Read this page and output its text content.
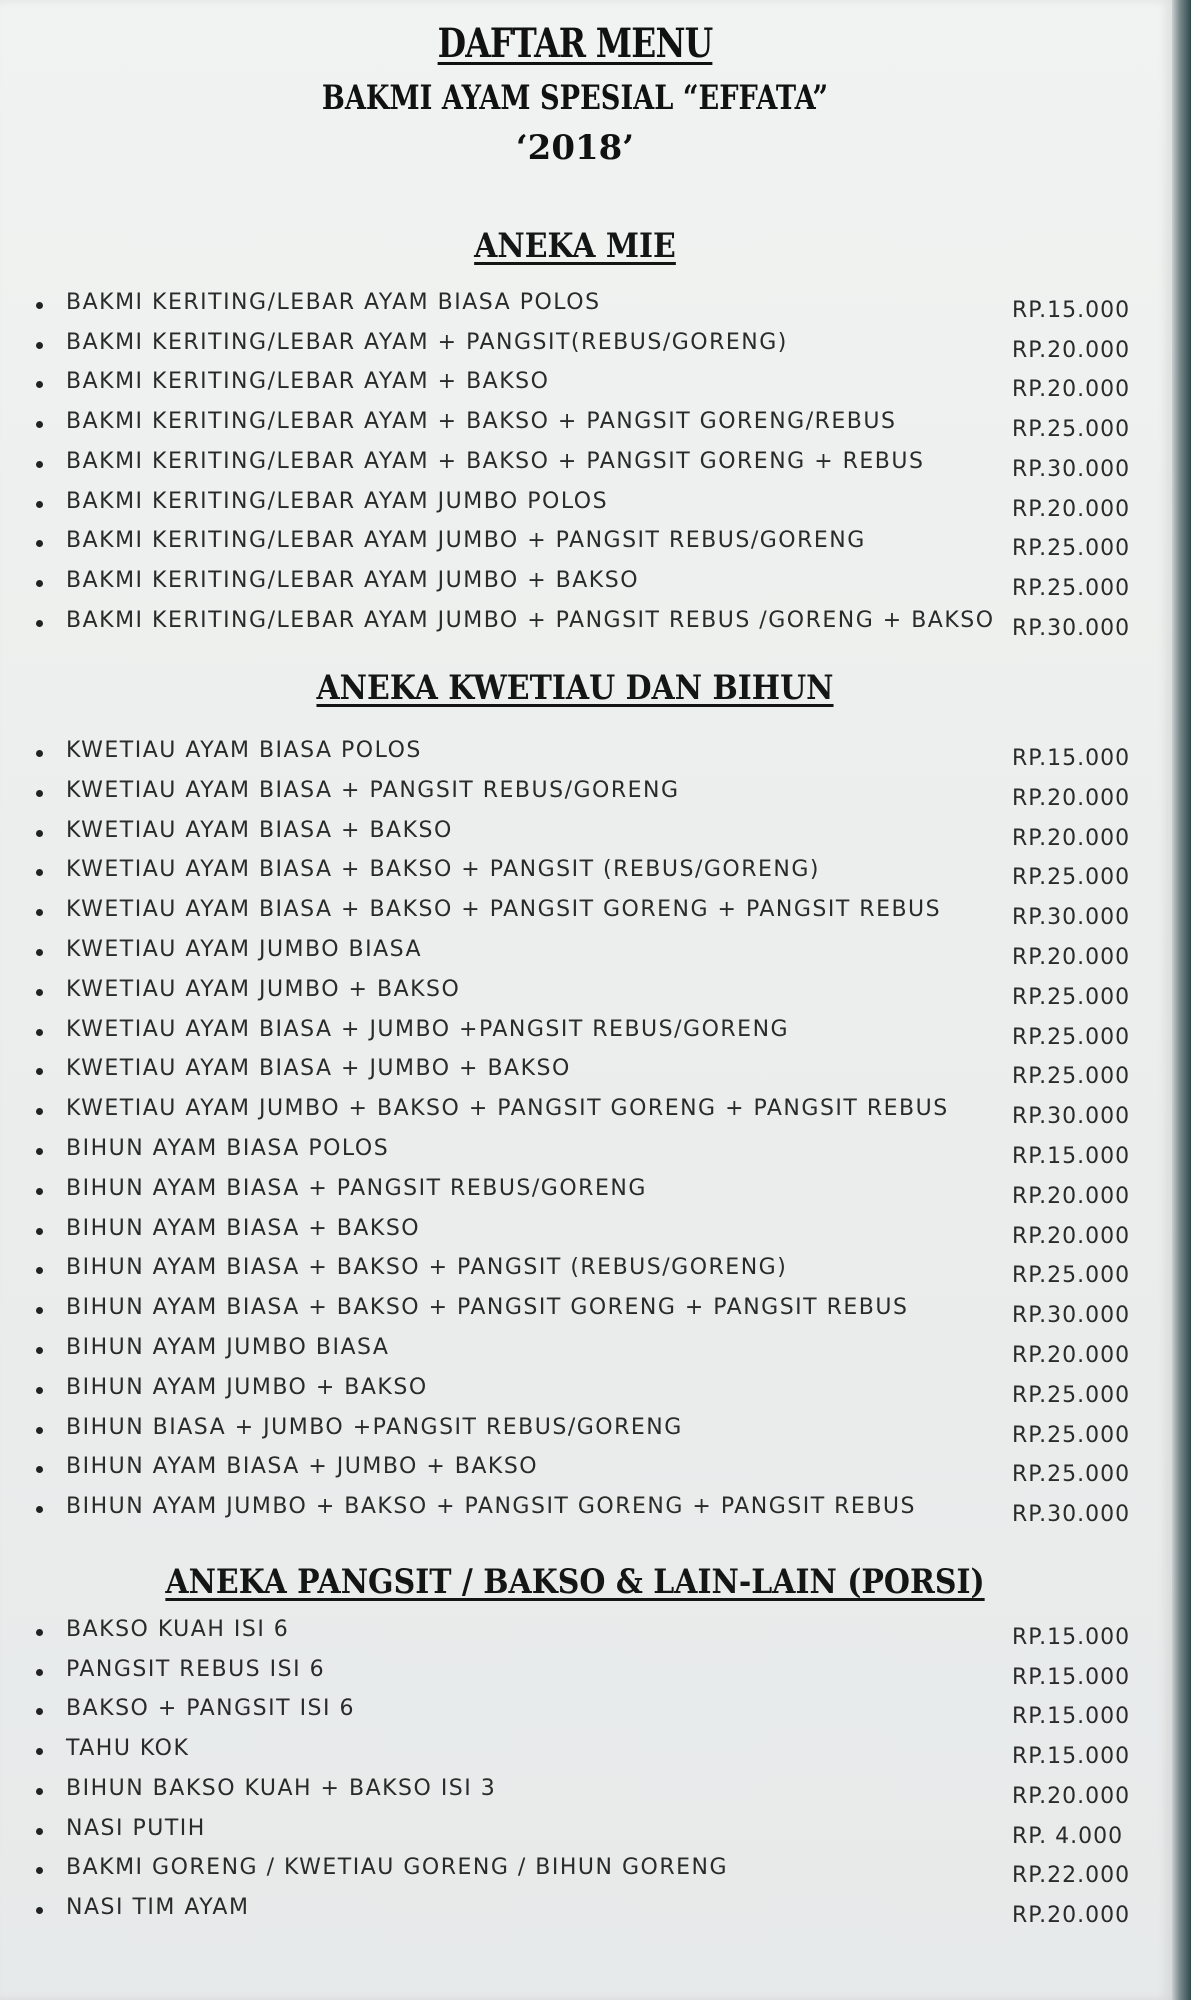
DAFTAR MENU
BAKMI AYAM SPESIAL “EFFATA”
‘2018’
ANEKA MIE
BAKMI KERITING/LEBAR AYAM BIASA POLOS	RP.15.000
BAKMI KERITING/LEBAR AYAM + PANGSIT(REBUS/GORENG)	RP.20.000
BAKMI KERITING/LEBAR AYAM + BAKSO	RP.20.000
BAKMI KERITING/LEBAR AYAM + BAKSO + PANGSIT GORENG/REBUS	RP.25.000
BAKMI KERITING/LEBAR AYAM + BAKSO + PANGSIT GORENG + REBUS	RP.30.000
BAKMI KERITING/LEBAR AYAM JUMBO POLOS	RP.20.000
BAKMI KERITING/LEBAR AYAM JUMBO + PANGSIT REBUS/GORENG	RP.25.000
BAKMI KERITING/LEBAR AYAM JUMBO + BAKSO	RP.25.000
BAKMI KERITING/LEBAR AYAM JUMBO + PANGSIT REBUS /GORENG + BAKSO RP.30.000
ANEKA KWETIAU DAN BIHUN
KWETIAU AYAM BIASA POLOS	RP.15.000
KWETIAU AYAM BIASA + PANGSIT REBUS/GORENG	RP.20.000
KWETIAU AYAM BIASA + BAKSO	RP.20.000
KWETIAU AYAM BIASA + BAKSO + PANGSIT (REBUS/GORENG)	RP.25.000
KWETIAU AYAM BIASA + BAKSO + PANGSIT GORENG + PANGSIT REBUS	RP.30.000
KWETIAU AYAM JUMBO BIASA	RP.20.000
KWETIAU AYAM JUMBO + BAKSO	RP.25.000
KWETIAU AYAM BIASA + JUMBO +PANGSIT REBUS/GORENG	RP.25.000
KWETIAU AYAM BIASA + JUMBO + BAKSO	RP.25.000
KWETIAU AYAM JUMBO + BAKSO + PANGSIT GORENG + PANGSIT REBUS	RP.30.000
BIHUN AYAM BIASA POLOS	RP.15.000
BIHUN AYAM BIASA + PANGSIT REBUS/GORENG	RP.20.000
BIHUN AYAM BIASA + BAKSO	RP.20.000
BIHUN AYAM BIASA + BAKSO + PANGSIT (REBUS/GORENG)	RP.25.000
BIHUN AYAM BIASA + BAKSO + PANGSIT GORENG + PANGSIT REBUS	RP.30.000
BIHUN AYAM JUMBO BIASA	RP.20.000
BIHUN AYAM JUMBO + BAKSO	RP.25.000
BIHUN BIASA + JUMBO +PANGSIT REBUS/GORENG	RP.25.000
BIHUN AYAM BIASA + JUMBO + BAKSO	RP.25.000
BIHUN AYAM JUMBO + BAKSO + PANGSIT GORENG + PANGSIT REBUS	RP.30.000
ANEKA PANGSIT / BAKSO & LAIN-LAIN (PORSI)
BAKSO KUAH ISI 6	RP.15.000
PANGSIT REBUS ISI 6	RP.15.000
BAKSO + PANGSIT ISI 6	RP.15.000
TAHU KOK	RP.15.000
BIHUN BAKSO KUAH + BAKSO ISI 3	RP.20.000
NASI PUTIH	RP. 4.000
BAKMI GORENG / KWETIAU GORENG / BIHUN GORENG	RP.22.000
NASI TIM AYAM	RP.20.000
